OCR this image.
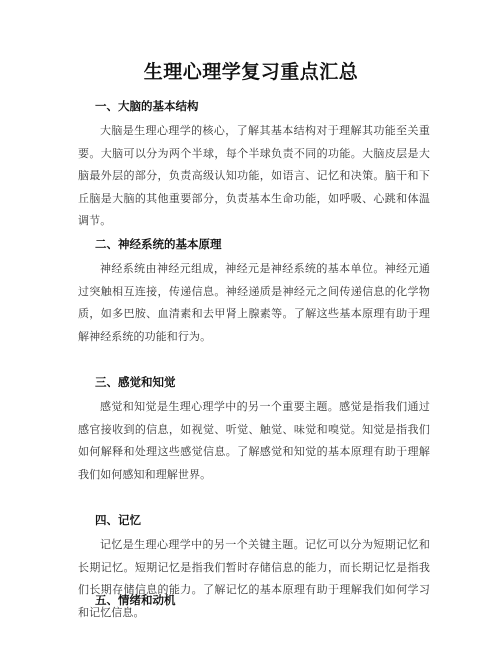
生理心理学复习重点汇总
一、大脑的基本结构

大脑是生理心理学的核心，了解其基本结构对于理解其功能至关重要。大脑可以分为两个半球，每个半球负责不同的功能。大脑皮层是大脑最外层的部分，负责高级认知功能，如语言、记忆和决策。脑干和下丘脑是大脑的其他重要部分，负责基本生命功能，如呼吸、心跳和体温调节。

二、神经系统的基本原理

神经系统由神经元组成，神经元是神经系统的基本单位。神经元通过突触相互连接，传递信息。神经递质是神经元之间传递信息的化学物质，如多巴胺、血清素和去甲肾上腺素等。了解这些基本原理有助于理解神经系统的功能和行为。

三、感觉和知觉

感觉和知觉是生理心理学中的另一个重要主题。感觉是指我们通过感官接收到的信息，如视觉、听觉、触觉、味觉和嗅觉。知觉是指我们如何解释和处理这些感觉信息。了解感觉和知觉的基本原理有助于理解我们如何感知和理解世界。

四、记忆

记忆是生理心理学中的另一个关键主题。记忆可以分为短期记忆和长期记忆。短期记忆是指我们暂时存储信息的能力，而长期记忆是指我们长期存储信息的能力。了解记忆的基本原理有助于理解我们如何学习和记忆信息。

五、情绪和动机
